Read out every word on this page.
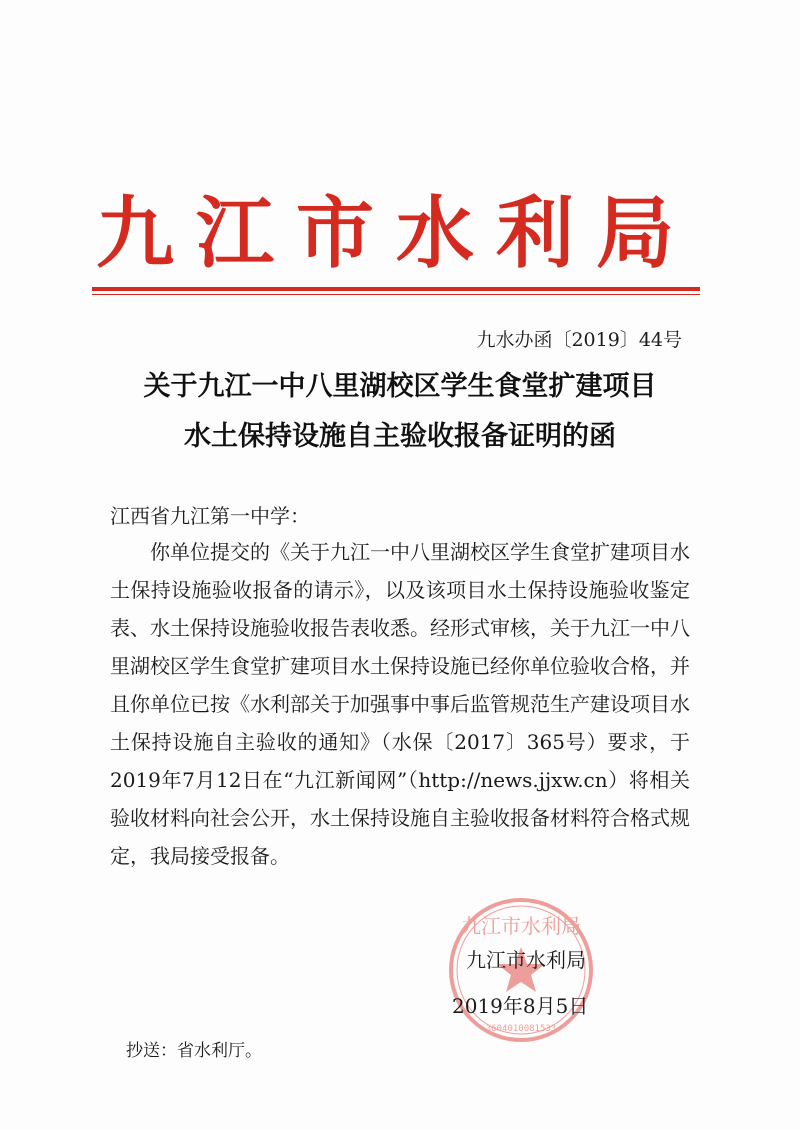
九江市水利局
九水办函〔2019〕44号
关于九江一中八里湖校区学生食堂扩建项目
水土保持设施自主验收报备证明的函
江西省九江第一中学：
你单位提交的《关于九江一中八里湖校区学生食堂扩建项目水土保持设施验收报备的请示》，以及该项目水土保持设施验收鉴定表、水土保持设施验收报告表收悉。经形式审核，关于九江一中八里湖校区学生食堂扩建项目水土保持设施已经你单位验收合格，并且你单位已按《水利部关于加强事中事后监管规范生产建设项目水土保持设施自主验收的通知》（水保〔2017〕365号）要求，于2019年7月12日在“九江新闻网”（http://news.jjxw.cn）将相关验收材料向社会公开，水土保持设施自主验收报备材料符合格式规定，我局接受报备。
九江市水利局
3604010081533
九江市水利局
2019年8月5日
抄送：省水利厅。
